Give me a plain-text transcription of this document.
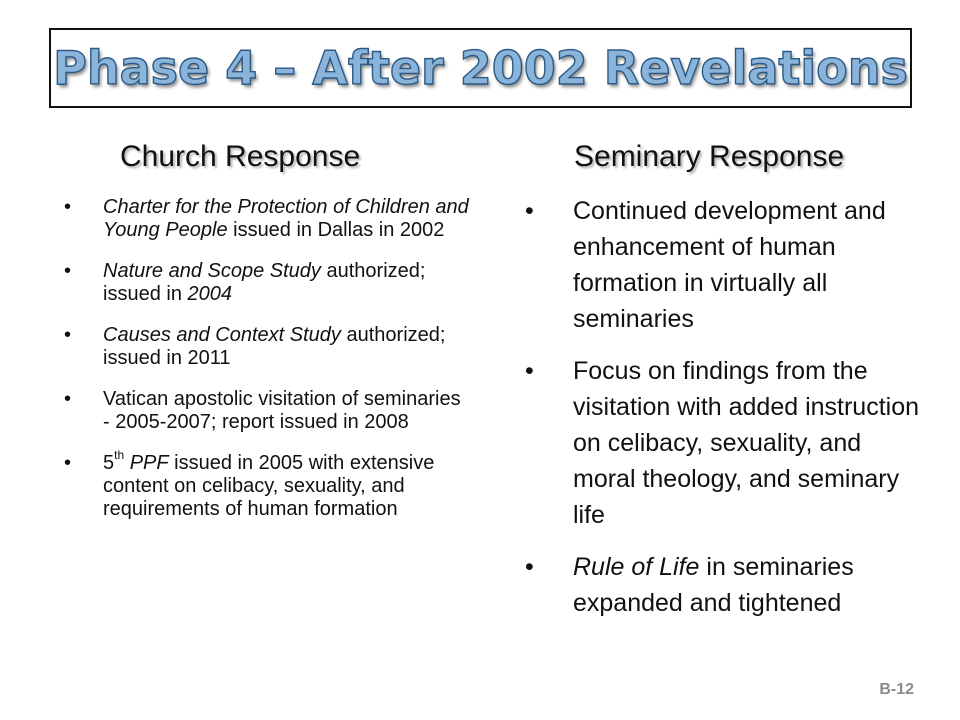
Phase 4 – After 2002 Revelations
Church Response	Seminary Response
• Charter for the Protection of Children and Young People issued in Dallas in 2002
• Nature and Scope Study authorized; issued in 2004
• Causes and Context Study authorized; issued in 2011
• Vatican apostolic visitation of seminaries - 2005-2007; report issued in 2008
• 5th PPF issued in 2005 with extensive content on celibacy, sexuality, and requirements of human formation
• Continued development and enhancement of human formation in virtually all seminaries
• Focus on findings from the visitation with added instruction on celibacy, sexuality, and moral theology, and seminary life
• Rule of Life in seminaries expanded and tightened
B-12
